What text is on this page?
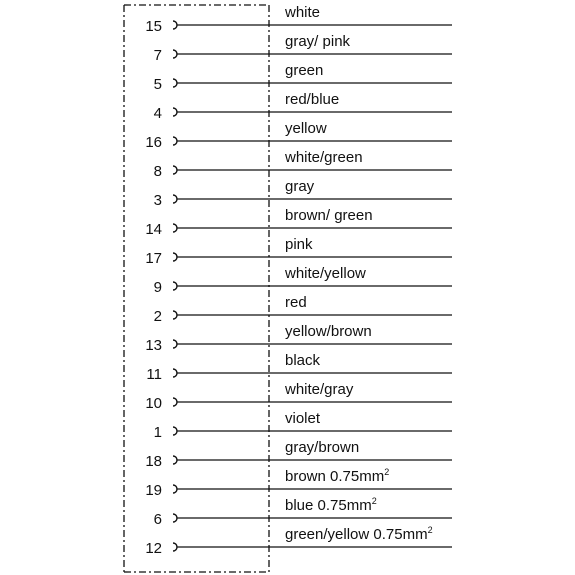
15
white
7
gray/ pink
5
green
4
red/blue
16
yellow
8
white/green
3
gray
14
brown/ green
17
pink
9
white/yellow
2
red
13
yellow/brown
11
black
10
white/gray
1
violet
18
gray/brown
19
brown $0.75mm^2$
6
blue $0.75mm^2$
12
green/yellow $0.75mm^2$
